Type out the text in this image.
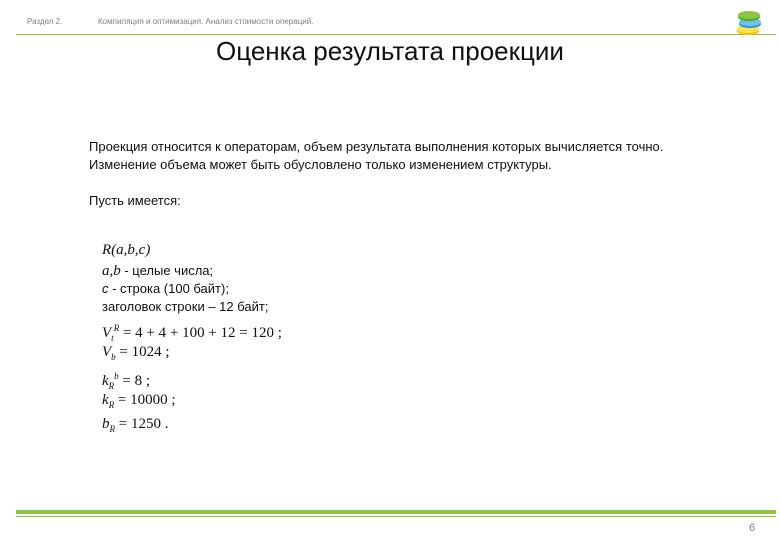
Раздел 2.	Компиляция и оптимизация. Анализ стоимости операций.
Оценка результата проекции
Проекция относится к операторам, объем результата выполнения которых вычисляется точно. Изменение объема может быть обусловлено только изменением структуры.
Пусть имеется:
R(a,b,c)
a,b - целые числа;
c - строка (100 байт);
заголовок строки – 12 байт;
$V_t^R = 4 + 4 + 100 + 12 = 120$ ;
$V_b = 1024$ ;
$k_R^b = 8$ ;
$k_R = 10000$ ;
$b_R = 1250$ .
6
